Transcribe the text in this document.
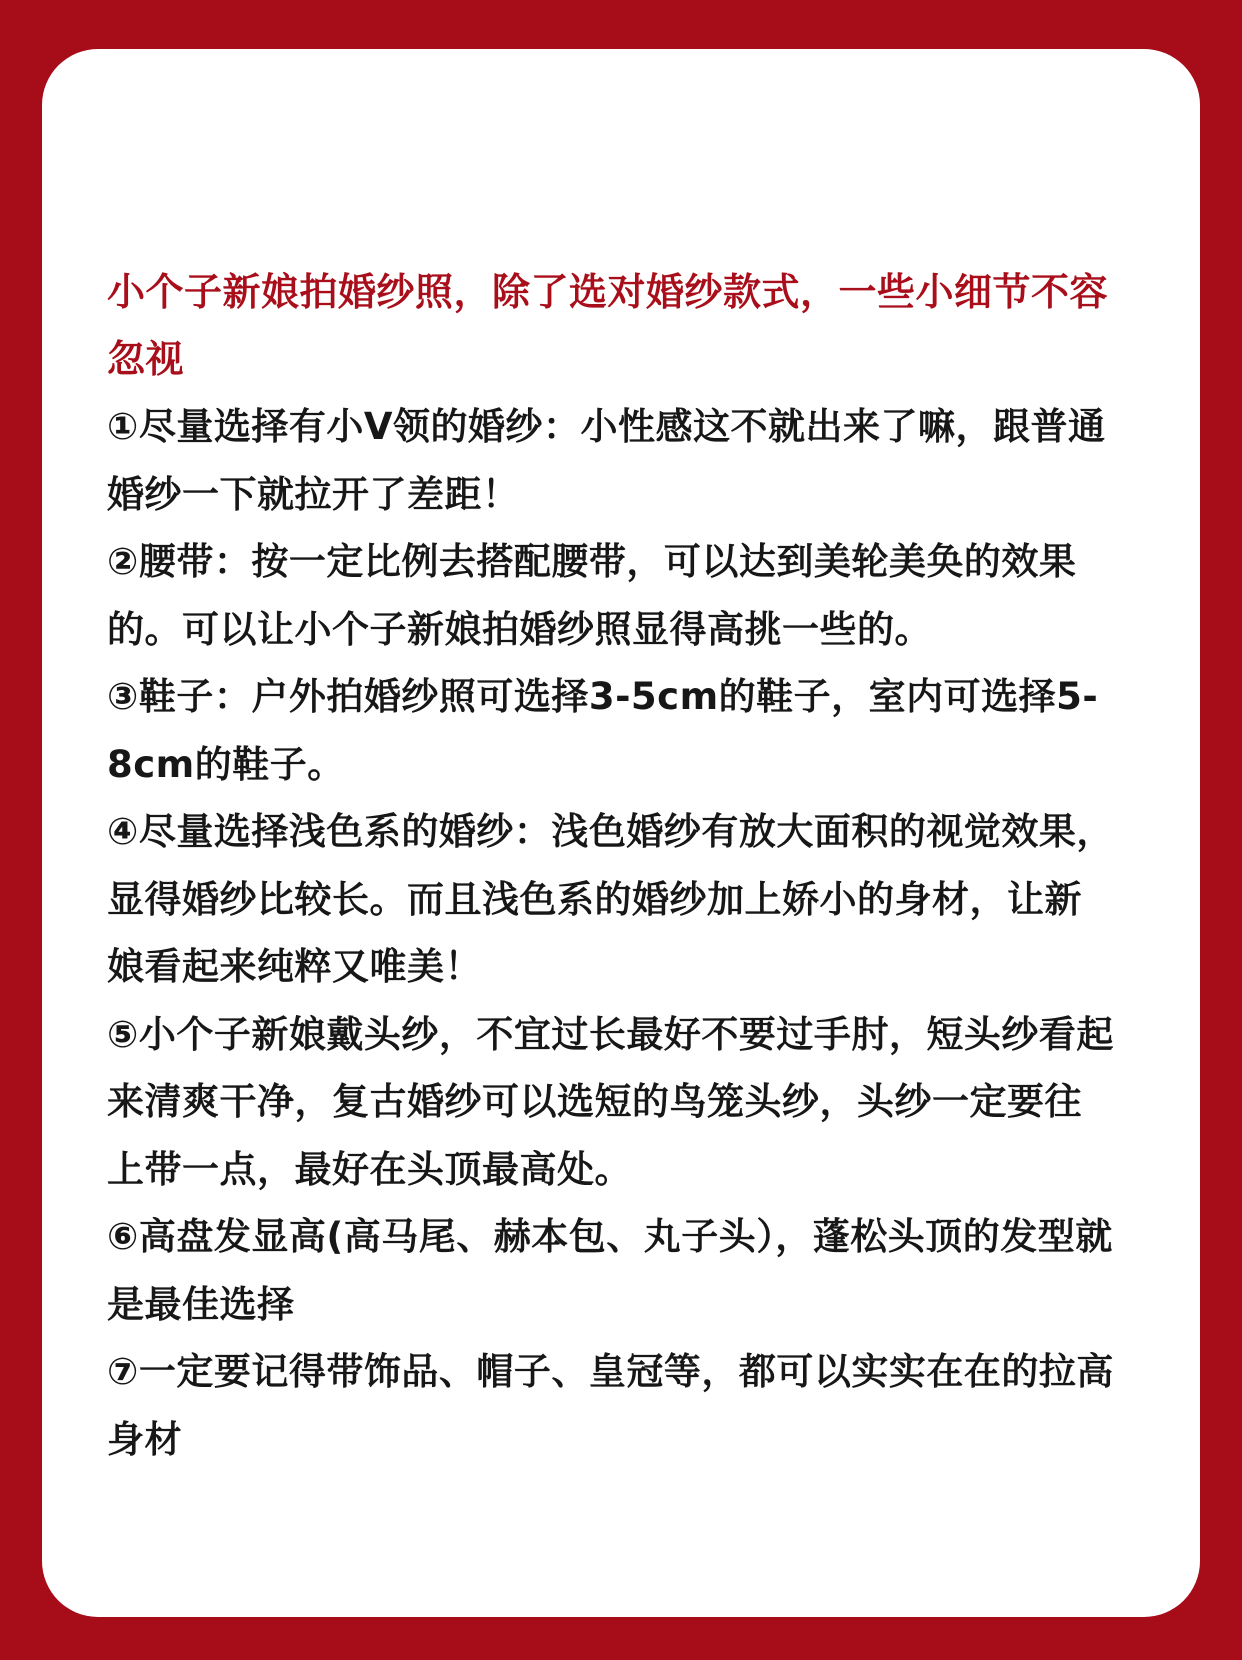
小个子新娘拍婚纱照，除了选对婚纱款式，一些小细节不容忽视
①尽量选择有小V领的婚纱：小性感这不就出来了嘛，跟普通婚纱一下就拉开了差距！
②腰带：按一定比例去搭配腰带，可以达到美轮美奂的效果的。可以让小个子新娘拍婚纱照显得高挑一些的。
③鞋子：户外拍婚纱照可选择3-5cm的鞋子，室内可选择5-8cm的鞋子。
④尽量选择浅色系的婚纱：浅色婚纱有放大面积的视觉效果，显得婚纱比较长。而且浅色系的婚纱加上娇小的身材，让新娘看起来纯粹又唯美！
⑤小个子新娘戴头纱，不宜过长最好不要过手肘，短头纱看起来清爽干净，复古婚纱可以选短的鸟笼头纱，头纱一定要往上带一点，最好在头顶最高处。
⑥高盘发显高(高马尾、赫本包、丸子头），蓬松头顶的发型就是最佳选择
⑦一定要记得带饰品、帽子、皇冠等，都可以实实在在的拉高身材
